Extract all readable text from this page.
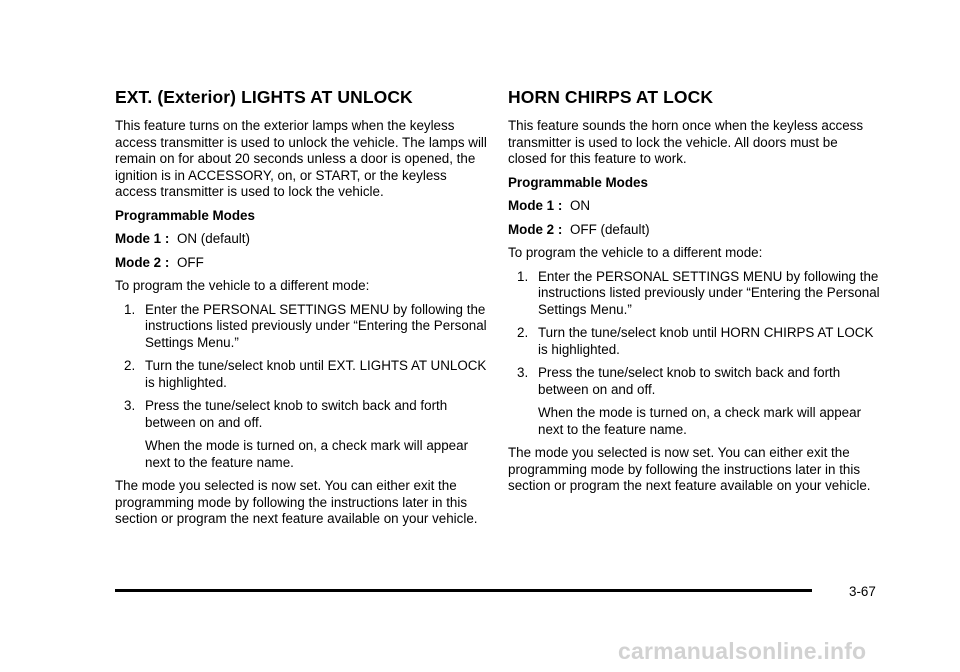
EXT. (Exterior) LIGHTS AT UNLOCK

This feature turns on the exterior lamps when the keyless access transmitter is used to unlock the vehicle. The lamps will remain on for about 20 seconds unless a door is opened, the ignition is in ACCESSORY, on, or START, or the keyless access transmitter is used to lock the vehicle.

Programmable Modes

Mode 1 : ON (default)
Mode 2 : OFF

To program the vehicle to a different mode:

1. Enter the PERSONAL SETTINGS MENU by following the instructions listed previously under “Entering the Personal Settings Menu.”
2. Turn the tune/select knob until EXT. LIGHTS AT UNLOCK is highlighted.
3. Press the tune/select knob to switch back and forth between on and off.
When the mode is turned on, a check mark will appear next to the feature name.

The mode you selected is now set. You can either exit the programming mode by following the instructions later in this section or program the next feature available on your vehicle.

HORN CHIRPS AT LOCK

This feature sounds the horn once when the keyless access transmitter is used to lock the vehicle. All doors must be closed for this feature to work.

Programmable Modes

Mode 1 : ON
Mode 2 : OFF (default)

To program the vehicle to a different mode:

1. Enter the PERSONAL SETTINGS MENU by following the instructions listed previously under “Entering the Personal Settings Menu.”
2. Turn the tune/select knob until HORN CHIRPS AT LOCK is highlighted.
3. Press the tune/select knob to switch back and forth between on and off.
When the mode is turned on, a check mark will appear next to the feature name.

The mode you selected is now set. You can either exit the programming mode by following the instructions later in this section or program the next feature available on your vehicle.

3-67
carmanualsonline.info
